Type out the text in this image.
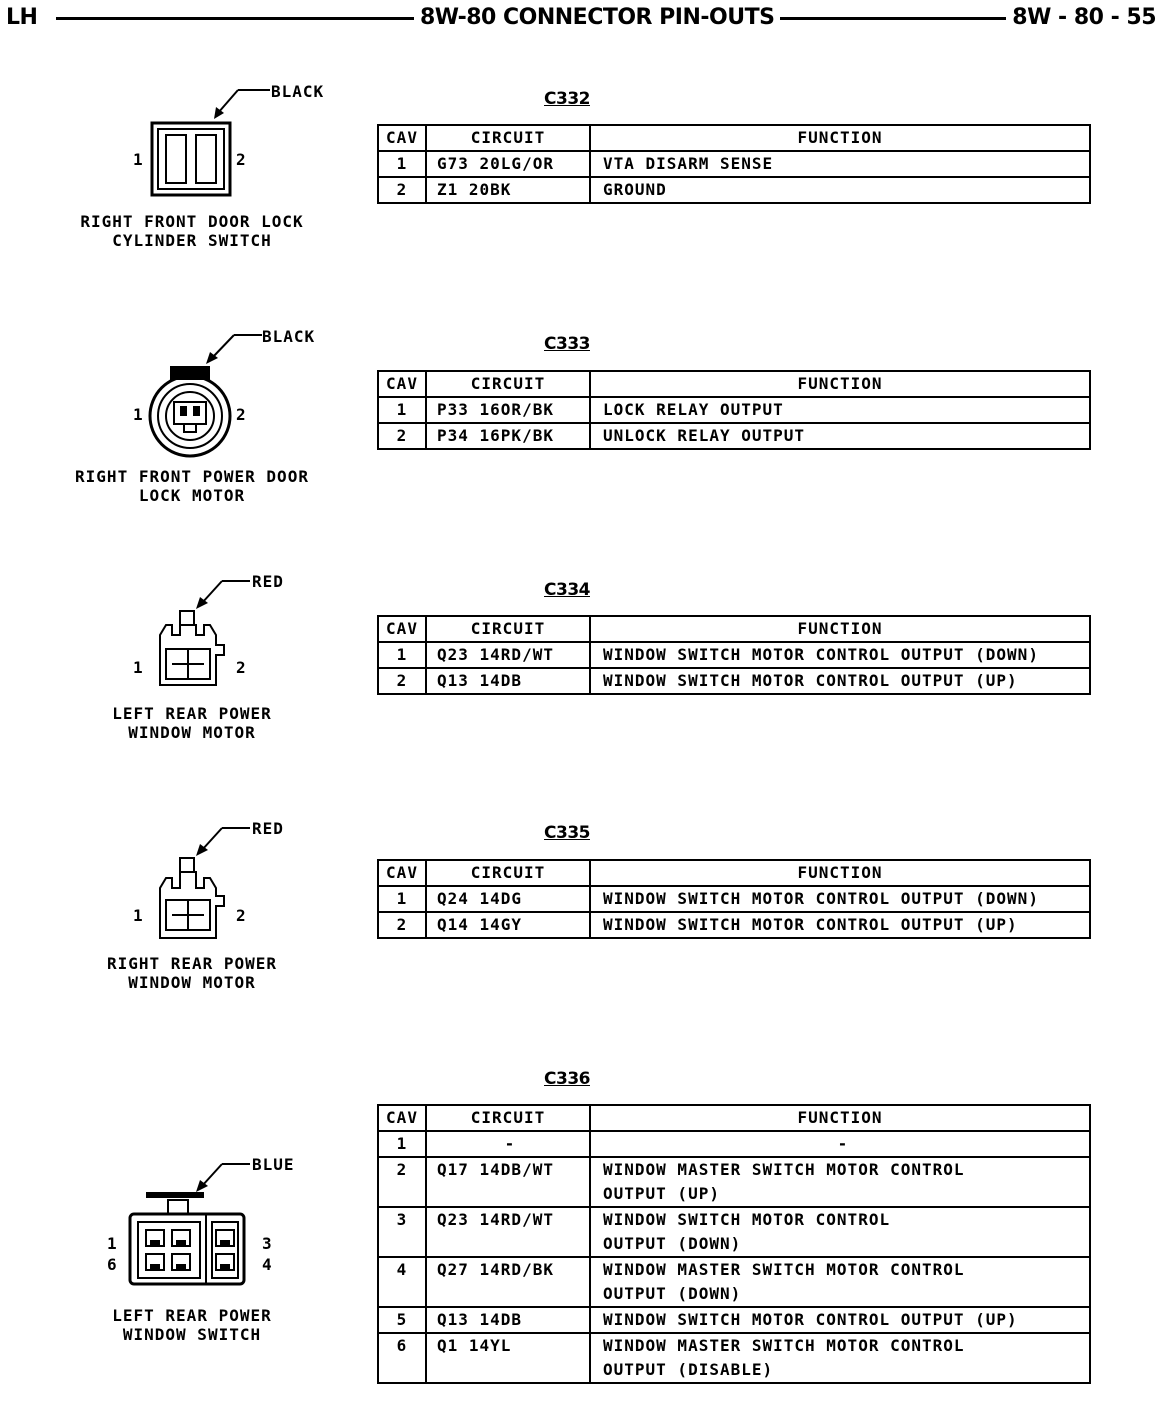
LH	8W-80 CONNECTOR PIN-OUTS	8W - 80 - 55
C332
CAV	CIRCUIT	FUNCTION
1	G73 20LG/OR	VTA DISARM SENSE
2	Z1 20BK	GROUND
BLACK
1	2
RIGHT FRONT DOOR LOCK
CYLINDER SWITCH
C333
CAV	CIRCUIT	FUNCTION
1	P33 16OR/BK	LOCK RELAY OUTPUT
2	P34 16PK/BK	UNLOCK RELAY OUTPUT
BLACK
1	2
RIGHT FRONT POWER DOOR
LOCK MOTOR
C334
CAV	CIRCUIT	FUNCTION
1	Q23 14RD/WT	WINDOW SWITCH MOTOR CONTROL OUTPUT (DOWN)
2	Q13 14DB	WINDOW SWITCH MOTOR CONTROL OUTPUT (UP)
RED
1	2
LEFT REAR POWER
WINDOW MOTOR
C335
CAV	CIRCUIT	FUNCTION
1	Q24 14DG	WINDOW SWITCH MOTOR CONTROL OUTPUT (DOWN)
2	Q14 14GY	WINDOW SWITCH MOTOR CONTROL OUTPUT (UP)
RED
1	2
RIGHT REAR POWER
WINDOW MOTOR
C336
CAV	CIRCUIT	FUNCTION
1	-	-
2	Q17 14DB/WT	WINDOW MASTER SWITCH MOTOR CONTROL
OUTPUT (UP)

3	Q23 14RD/WT	WINDOW SWITCH MOTOR CONTROL
OUTPUT (DOWN)

4	Q27 14RD/BK	WINDOW MASTER SWITCH MOTOR CONTROL
OUTPUT (DOWN)

5	Q13 14DB	WINDOW SWITCH MOTOR CONTROL OUTPUT (UP)
6	Q1 14YL	WINDOW MASTER SWITCH MOTOR CONTROL
OUTPUT (DISABLE)
BLUE
1
6
3
4
LEFT REAR POWER
WINDOW SWITCH
